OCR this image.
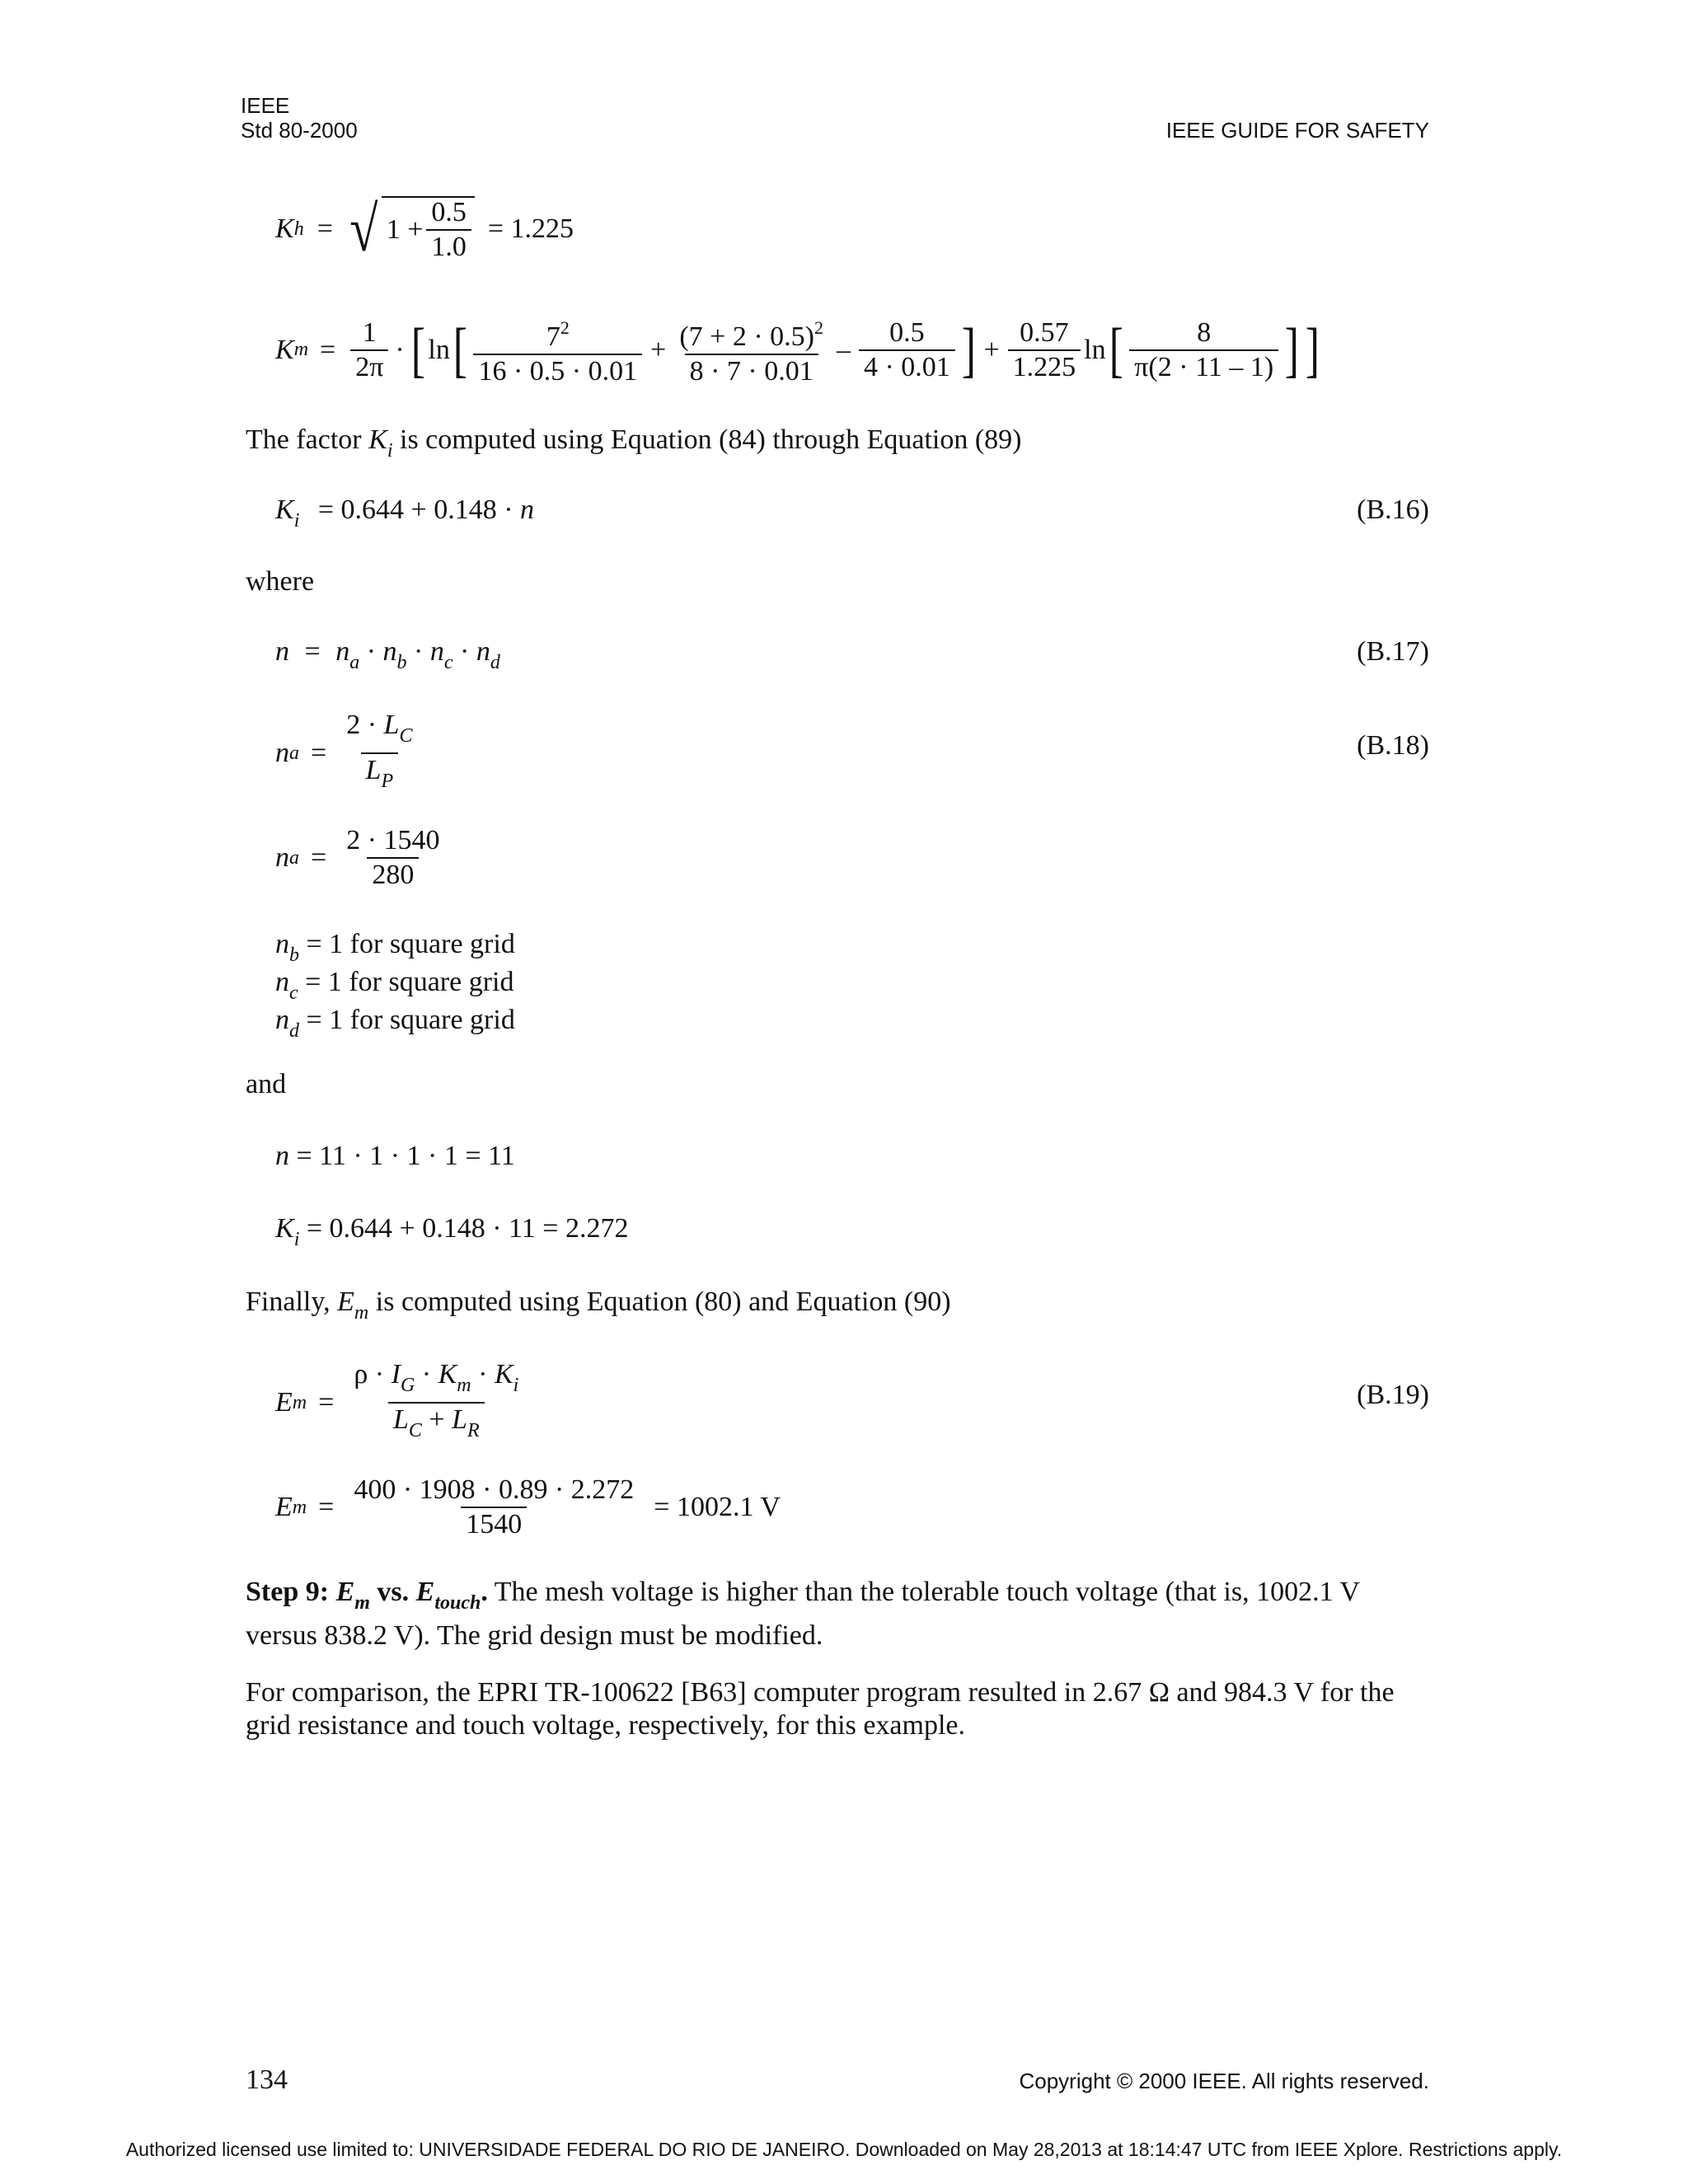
IEEE
Std 80-2000	IEEE GUIDE FOR SAFETY
K h = √ $1 + \frac{0.5}{1.0} = 1.225$
K $m = \frac{1}{2\pi}$ · [ ln [ $\frac{7^2}{16 \cdot 0.5 \cdot 0.01} + \frac{(7 + 2 \cdot 0.5)^2}{8 \cdot 7 \cdot 0.01} - \frac{0.5}{4 \cdot 0.01}$ ] + $\frac{0.57}{1.225}$ ln [ $\frac{8}{\pi(2 \cdot 11 - 1)}$ ] ]
The factor $K_i$ is computed using Equation (84) through Equation (89)
$K_i = 0.644 + 0.148 \cdot n$	(B.16)
where
$n = n_a \cdot n_b \cdot n_c \cdot n_d$	(B.17)
n $a = \frac{2 \cdot L_C}{L_P}$	(B.18)
n $a = \frac{2 \cdot 1540}{280}$
$n_b = 1$ for square grid
$n_c = 1$ for square grid
$n_d = 1$ for square grid
and
n = 11 · 1 · 1 · 1 = 11
$K_i = 0.644 + 0.148 \cdot 11 = 2.272$
Finally, $E_m$ is computed using Equation (80) and Equation (90)
E $m = \frac{\rho \cdot I_G \cdot K_m \cdot K_i}{L_C + L_R}$	(B.19)
E $m = \frac{400 \cdot 1908 \cdot 0.89 \cdot 2.272}{1540} = 1002.1$ V
Step 9: $E_m$ vs. $E_{touch}$. The mesh voltage is higher than the tolerable touch voltage (that is, 1002.1 V versus 838.2 V). The grid design must be modified.
For comparison, the EPRI TR-100622 [B63] computer program resulted in 2.67 Ω and 984.3 V for the grid resistance and touch voltage, respectively, for this example.
134	Copyright © 2000 IEEE. All rights reserved.
Authorized licensed use limited to: UNIVERSIDADE FEDERAL DO RIO DE JANEIRO. Downloaded on May 28,2013 at 18:14:47 UTC from IEEE Xplore. Restrictions apply.
